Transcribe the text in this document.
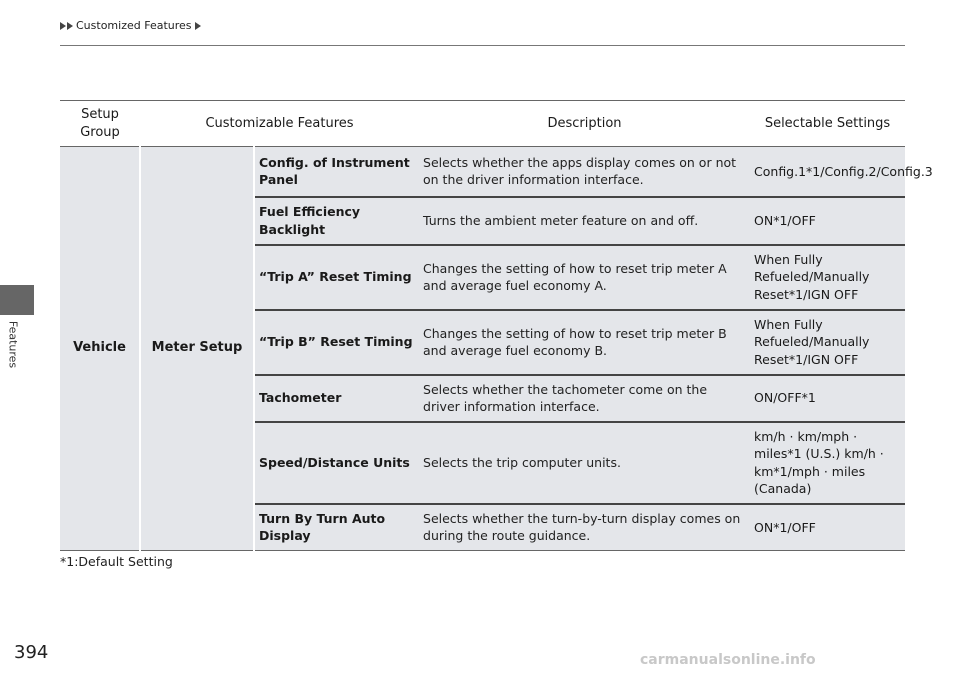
Customized Features
Features
Setup Group	Customizable Features		Description	Selectable Settings
Vehicle	Meter Setup	Config. of Instrument Panel	Selects whether the apps display comes on or not on the driver information interface.	Config.1*1/Config.2/Config.3
		Fuel Efficiency Backlight	Turns the ambient meter feature on and off.	ON*1/OFF
		“Trip A” Reset Timing	Changes the setting of how to reset trip meter A and average fuel economy A.	When Fully Refueled/Manually Reset*1/IGN OFF
		“Trip B” Reset Timing	Changes the setting of how to reset trip meter B and average fuel economy B.	When Fully Refueled/Manually Reset*1/IGN OFF
		Tachometer	Selects whether the tachometer come on the driver information interface.	ON/OFF*1
		Speed/Distance Units	Selects the trip computer units.	km/h · km/mph · miles*1 (U.S.) km/h · km*1/mph · miles (Canada)
		Turn By Turn Auto Display	Selects whether the turn-by-turn display comes on during the route guidance.	ON*1/OFF
*1:Default Setting
394	carmanualsonline.info
